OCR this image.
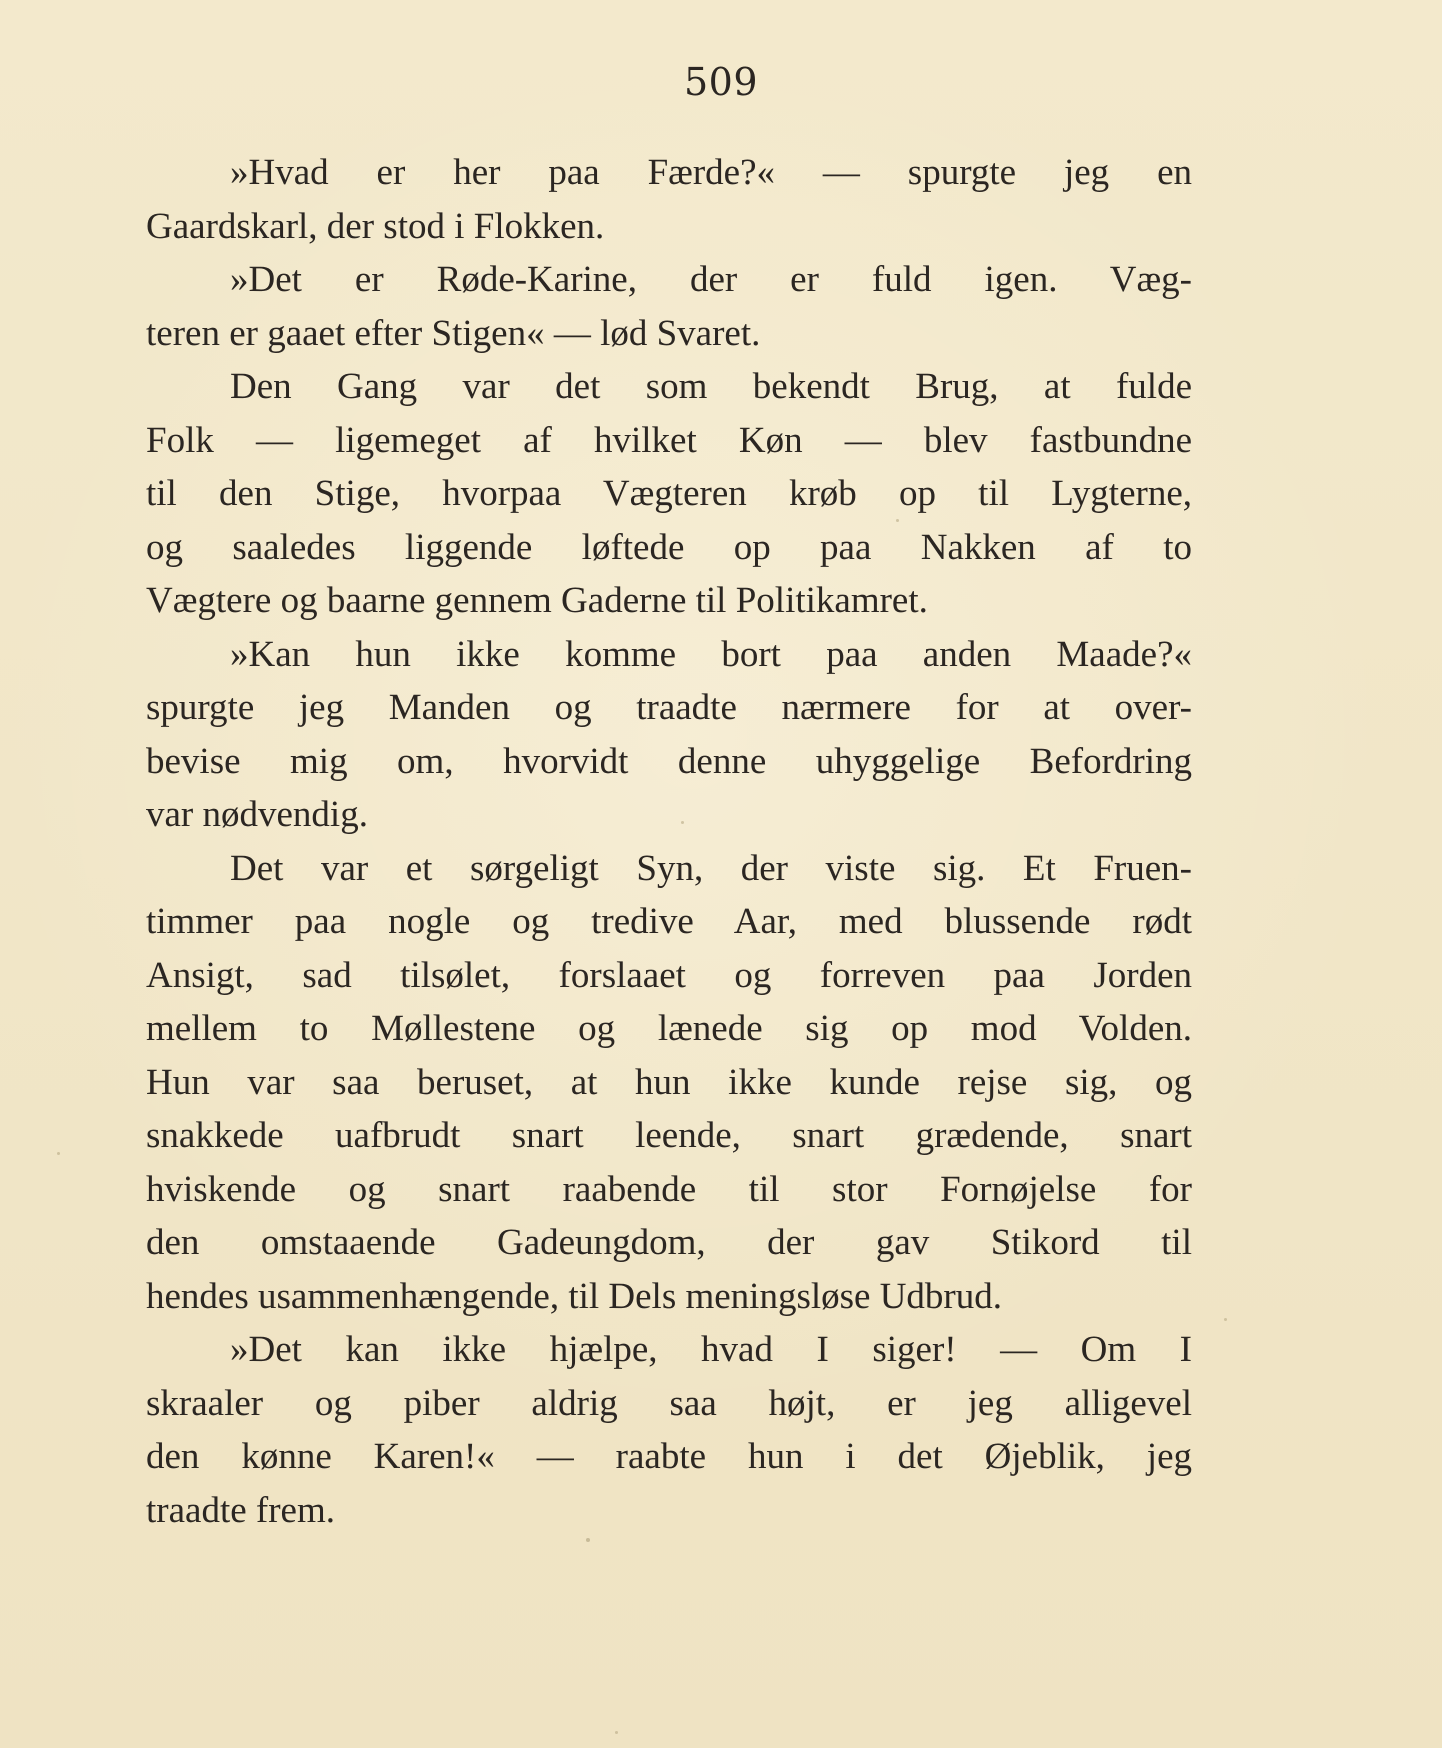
509
»Hvad er her paa Færde?« — spurgte jeg en
Gaardskarl, der stod i Flokken.
»Det er Røde-Karine, der er fuld igen. Væg-
teren er gaaet efter Stigen« — lød Svaret.
Den Gang var det som bekendt Brug, at fulde
Folk — ligemeget af hvilket Køn — blev fastbundne
til den Stige, hvorpaa Vægteren krøb op til Lygterne,
og saaledes liggende løftede op paa Nakken af to
Vægtere og baarne gennem Gaderne til Politikamret.
»Kan hun ikke komme bort paa anden Maade?«
spurgte jeg Manden og traadte nærmere for at over-
bevise mig om, hvorvidt denne uhyggelige Befordring
var nødvendig.
Det var et sørgeligt Syn, der viste sig. Et Fruen-
timmer paa nogle og tredive Aar, med blussende rødt
Ansigt, sad tilsølet, forslaaet og forreven paa Jorden
mellem to Møllestene og lænede sig op mod Volden.
Hun var saa beruset, at hun ikke kunde rejse sig, og
snakkede uafbrudt snart leende, snart grædende, snart
hviskende og snart raabende til stor Fornøjelse for
den omstaaende Gadeungdom, der gav Stikord til
hendes usammenhængende, til Dels meningsløse Udbrud.
»Det kan ikke hjælpe, hvad I siger! — Om I
skraaler og piber aldrig saa højt, er jeg alligevel
den kønne Karen!« — raabte hun i det Øjeblik, jeg
traadte frem.
